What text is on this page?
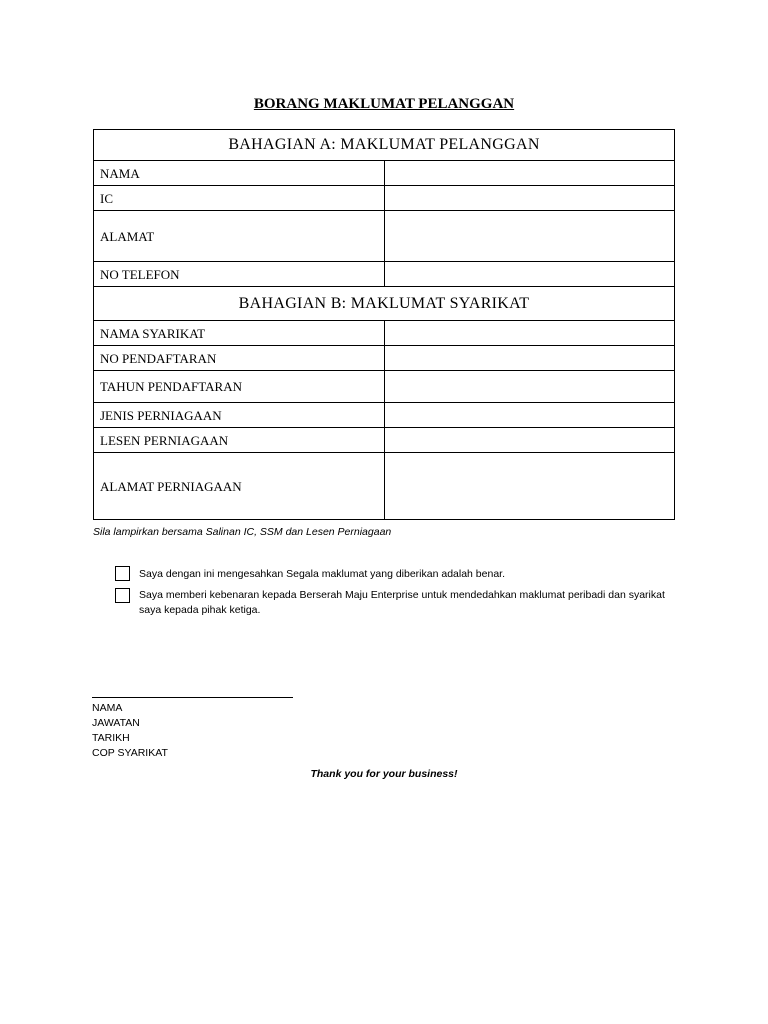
BORANG MAKLUMAT PELANGGAN
BAHAGIAN A: MAKLUMAT PELANGGAN	
NAMA	
IC	
ALAMAT	
NO TELEFON	
BAHAGIAN B: MAKLUMAT SYARIKAT	
NAMA SYARIKAT	
NO PENDAFTARAN	
TAHUN PENDAFTARAN	
JENIS PERNIAGAAN	
LESEN PERNIAGAAN	
ALAMAT PERNIAGAAN	
Sila lampirkan bersama Salinan IC, SSM dan Lesen Perniagaan
Saya dengan ini mengesahkan Segala maklumat yang diberikan adalah benar.
Saya memberi kebenaran kepada Berserah Maju Enterprise untuk mendedahkan maklumat peribadi dan syarikat saya kepada pihak ketiga.
NAMA
JAWATAN
TARIKH
COP SYARIKAT
Thank you for your business!
